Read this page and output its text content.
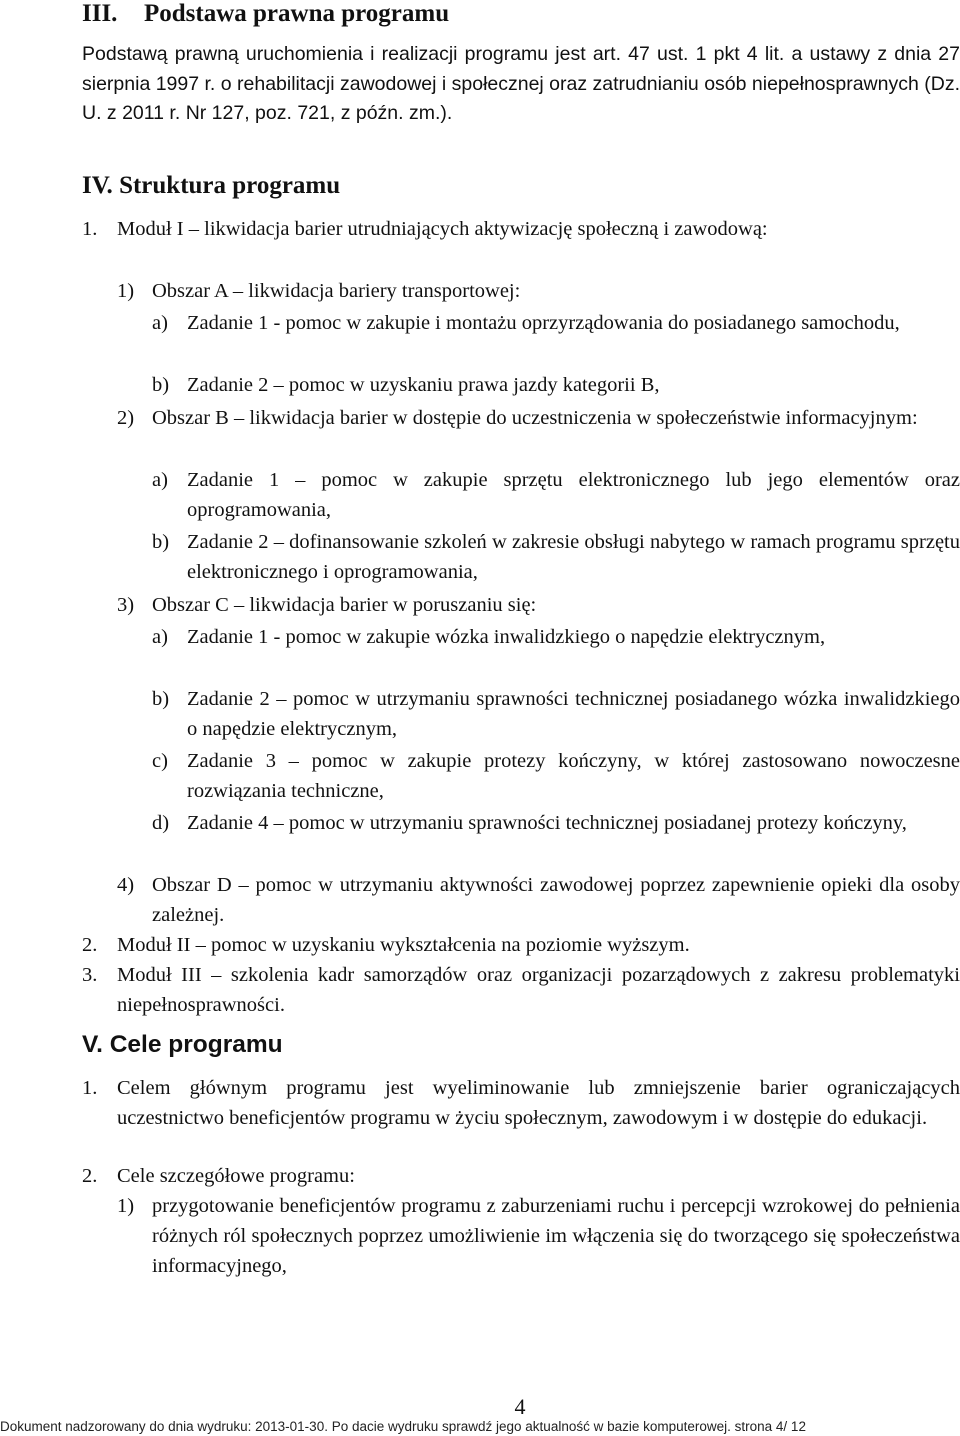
III. Podstawa prawna programu
Podstawą prawną uruchomienia i realizacji programu jest art. 47 ust. 1 pkt 4 lit. a ustawy z dnia 27 sierpnia 1997 r. o rehabilitacji zawodowej i społecznej oraz zatrudnianiu osób niepełnosprawnych (Dz. U. z 2011 r. Nr 127, poz. 721, z późn. zm.).
IV. Struktura programu
1. Moduł I – likwidacja barier utrudniających aktywizację społeczną i zawodową:
1) Obszar A – likwidacja bariery transportowej:
a) Zadanie 1 - pomoc w zakupie i montażu oprzyrządowania do posiadanego samochodu,
b) Zadanie 2 – pomoc w uzyskaniu prawa jazdy kategorii B,
2) Obszar B – likwidacja barier w dostępie do uczestniczenia w społeczeństwie informacyjnym:
a) Zadanie 1 – pomoc w zakupie sprzętu elektronicznego lub jego elementów oraz oprogramowania,
b) Zadanie 2 – dofinansowanie szkoleń w zakresie obsługi nabytego w ramach programu sprzętu elektronicznego i oprogramowania,
3) Obszar C – likwidacja barier w poruszaniu się:
a) Zadanie 1 - pomoc w zakupie wózka inwalidzkiego o napędzie elektrycznym,
b) Zadanie 2 – pomoc w utrzymaniu sprawności technicznej posiadanego wózka inwalidzkiego o napędzie elektrycznym,
c) Zadanie 3 – pomoc w zakupie protezy kończyny, w której zastosowano nowoczesne rozwiązania techniczne,
d) Zadanie 4 – pomoc w utrzymaniu sprawności technicznej posiadanej protezy kończyny,
4) Obszar D – pomoc w utrzymaniu aktywności zawodowej poprzez zapewnienie opieki dla osoby zależnej.
2. Moduł II – pomoc w uzyskaniu wykształcenia na poziomie wyższym.
3. Moduł III – szkolenia kadr samorządów oraz organizacji pozarządowych z zakresu problematyki niepełnosprawności.
V. Cele programu
1. Celem głównym programu jest wyeliminowanie lub zmniejszenie barier ograniczających uczestnictwo beneficjentów programu w życiu społecznym, zawodowym i w dostępie do edukacji.
2. Cele szczegółowe programu:
1) przygotowanie beneficjentów programu z zaburzeniami ruchu i percepcji wzrokowej do pełnienia różnych ról społecznych poprzez umożliwienie im włączenia się do tworzącego się społeczeństwa informacyjnego,
4
Dokument nadzorowany do dnia wydruku: 2013-01-30. Po dacie wydruku sprawdź jego aktualność w bazie komputerowej. strona 4/ 12
